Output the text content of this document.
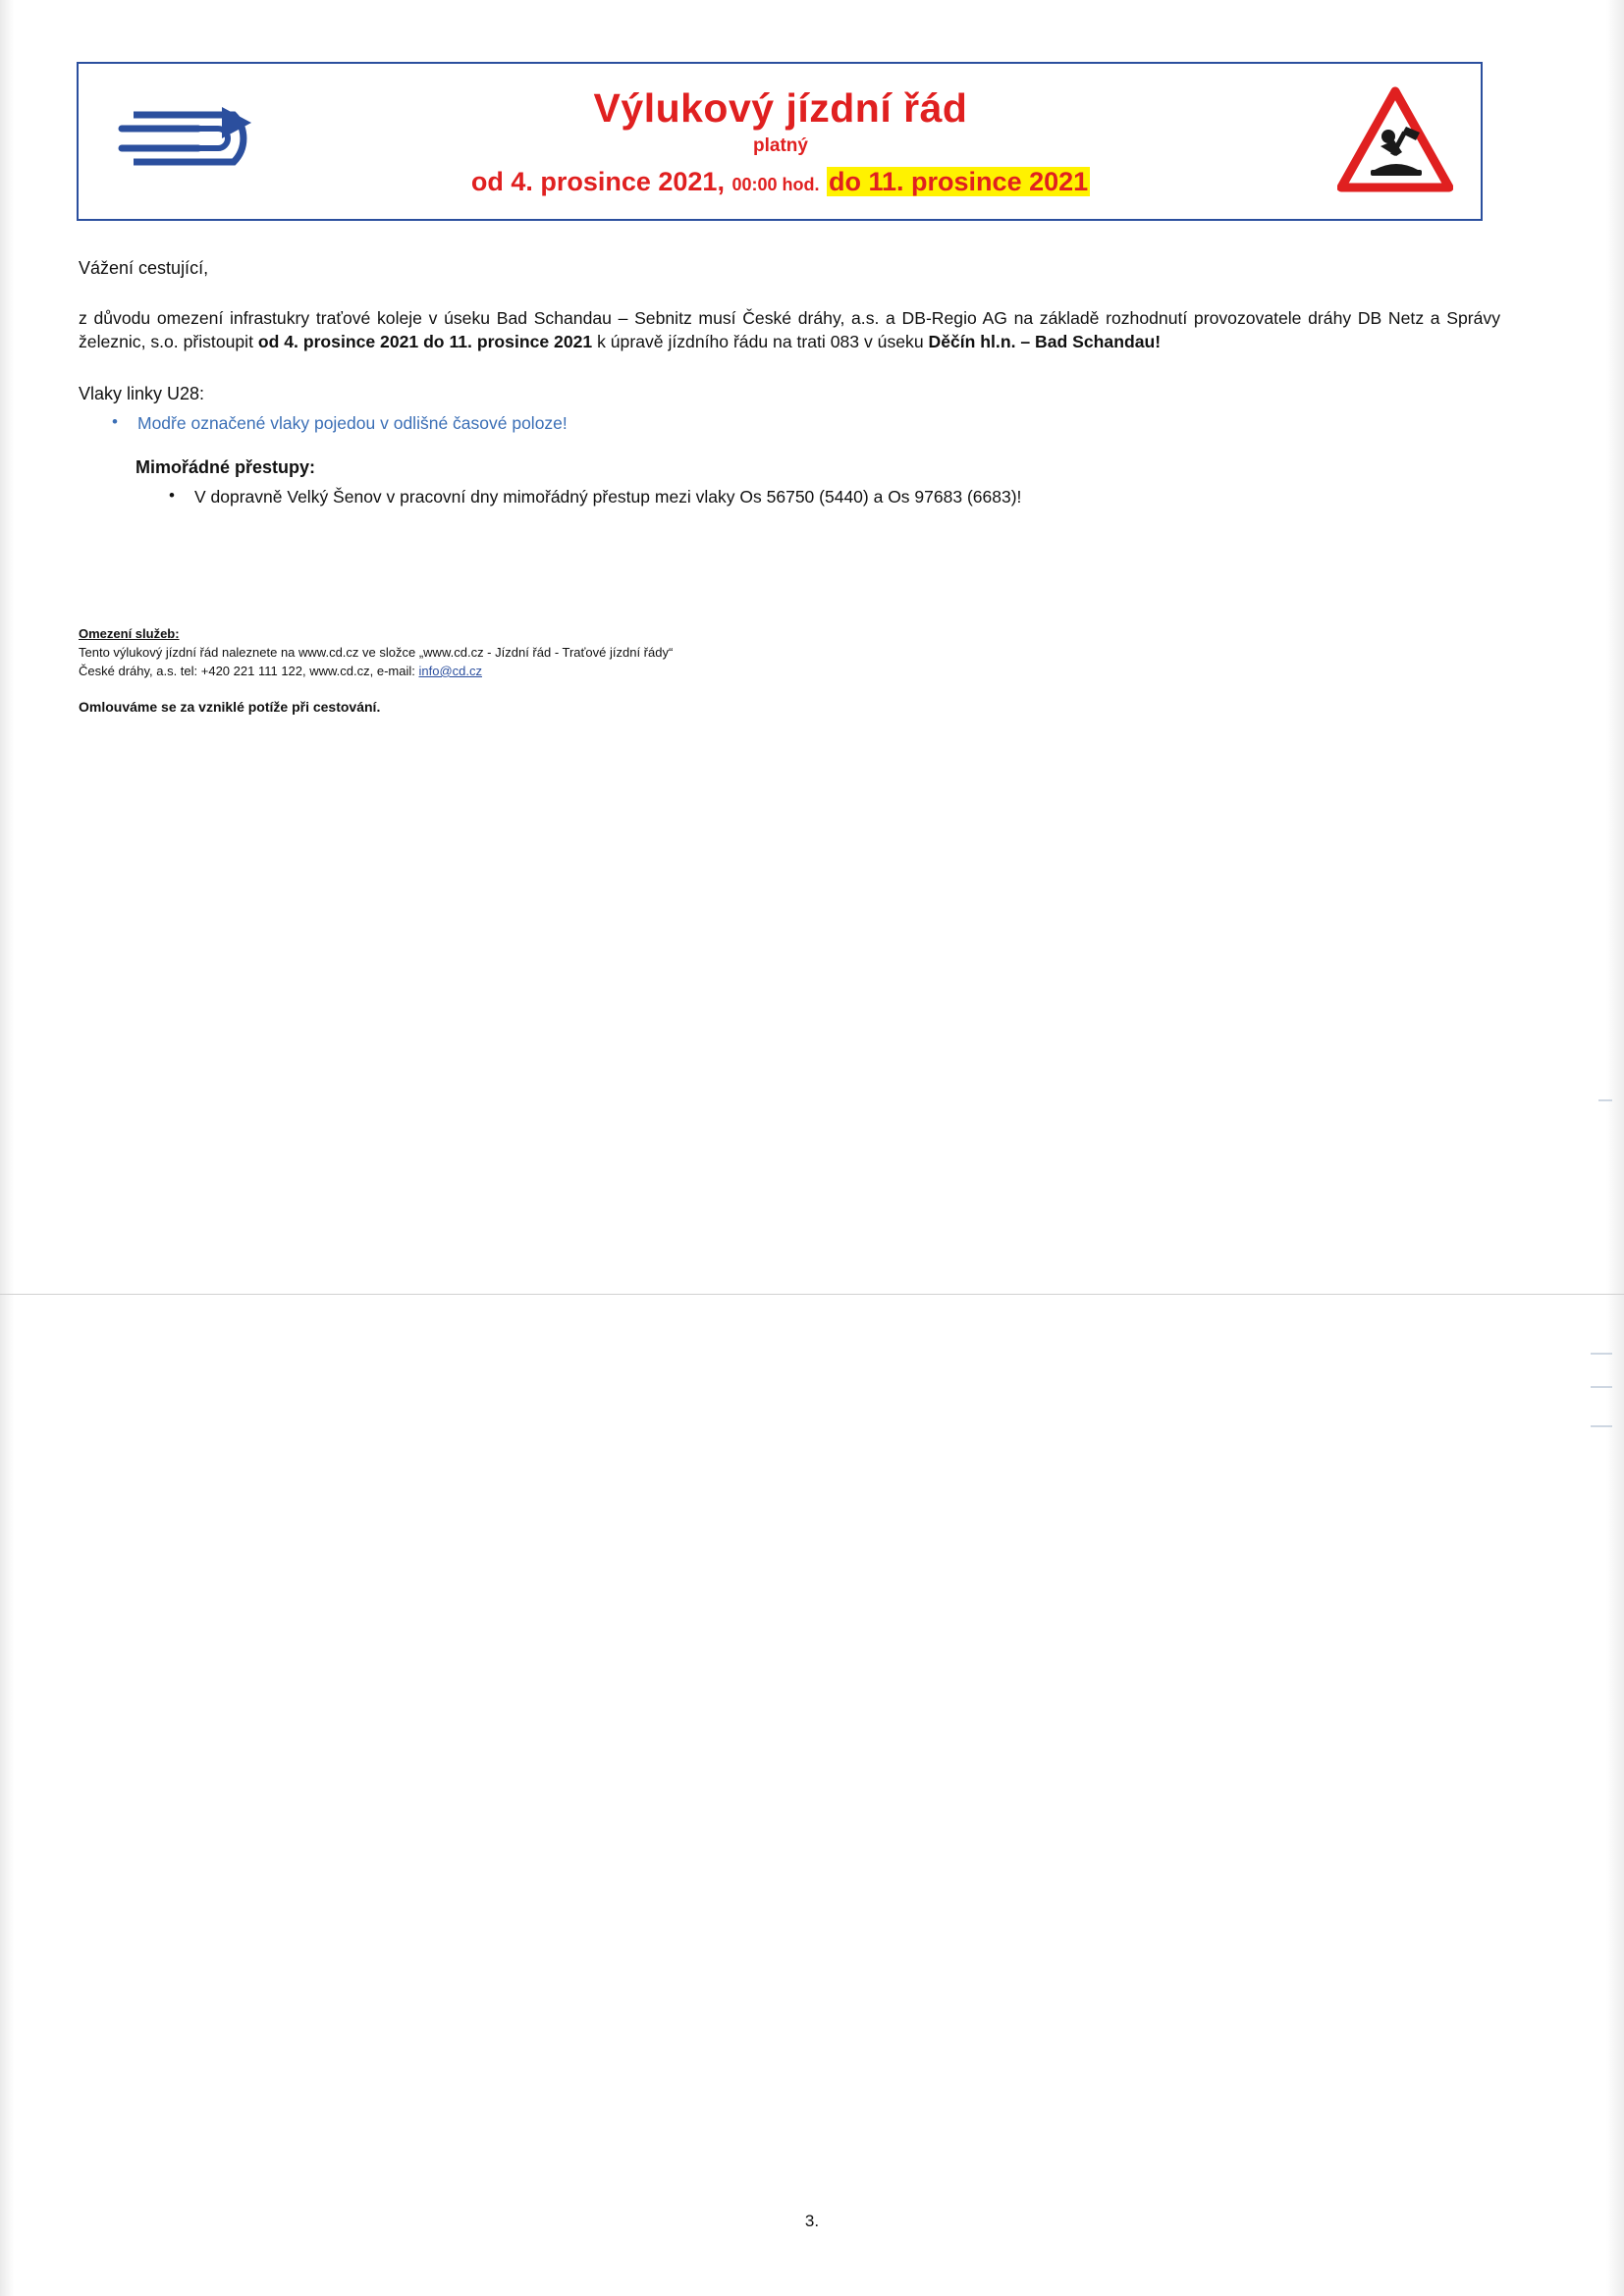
Výlukový jízdní řád
platný
od 4. prosince 2021, 00:00 hod. do 11. prosince 2021

Vážení cestující,

z důvodu omezení infrastukry traťové koleje v úseku Bad Schandau – Sebnitz musí České dráhy, a.s. a DB-Regio AG na základě rozhodnutí provozovatele dráhy DB Netz a Správy železnic, s.o. přistoupit od 4. prosince 2021 do 11. prosince 2021 k úpravě jízdního řádu na trati 083 v úseku Děčín hl.n. – Bad Schandau!

Vlaky linky U28:

• Modře označené vlaky pojedou v odlišné časové poloze!

Mimořádné přestupy:

• V dopravně Velký Šenov v pracovní dny mimořádný přestup mezi vlaky Os 56750 (5440) a Os 97683 (6683)!
Omezení služeb:
Tento výlukový jízdní řád naleznete na www.cd.cz ve složce „www.cd.cz - Jízdní řád - Traťové jízdní řády“
České dráhy, a.s. tel: +420 221 111 122, www.cd.cz, e-mail: info@cd.cz
Omlouváme se za vzniklé potíže při cestování.
3.
